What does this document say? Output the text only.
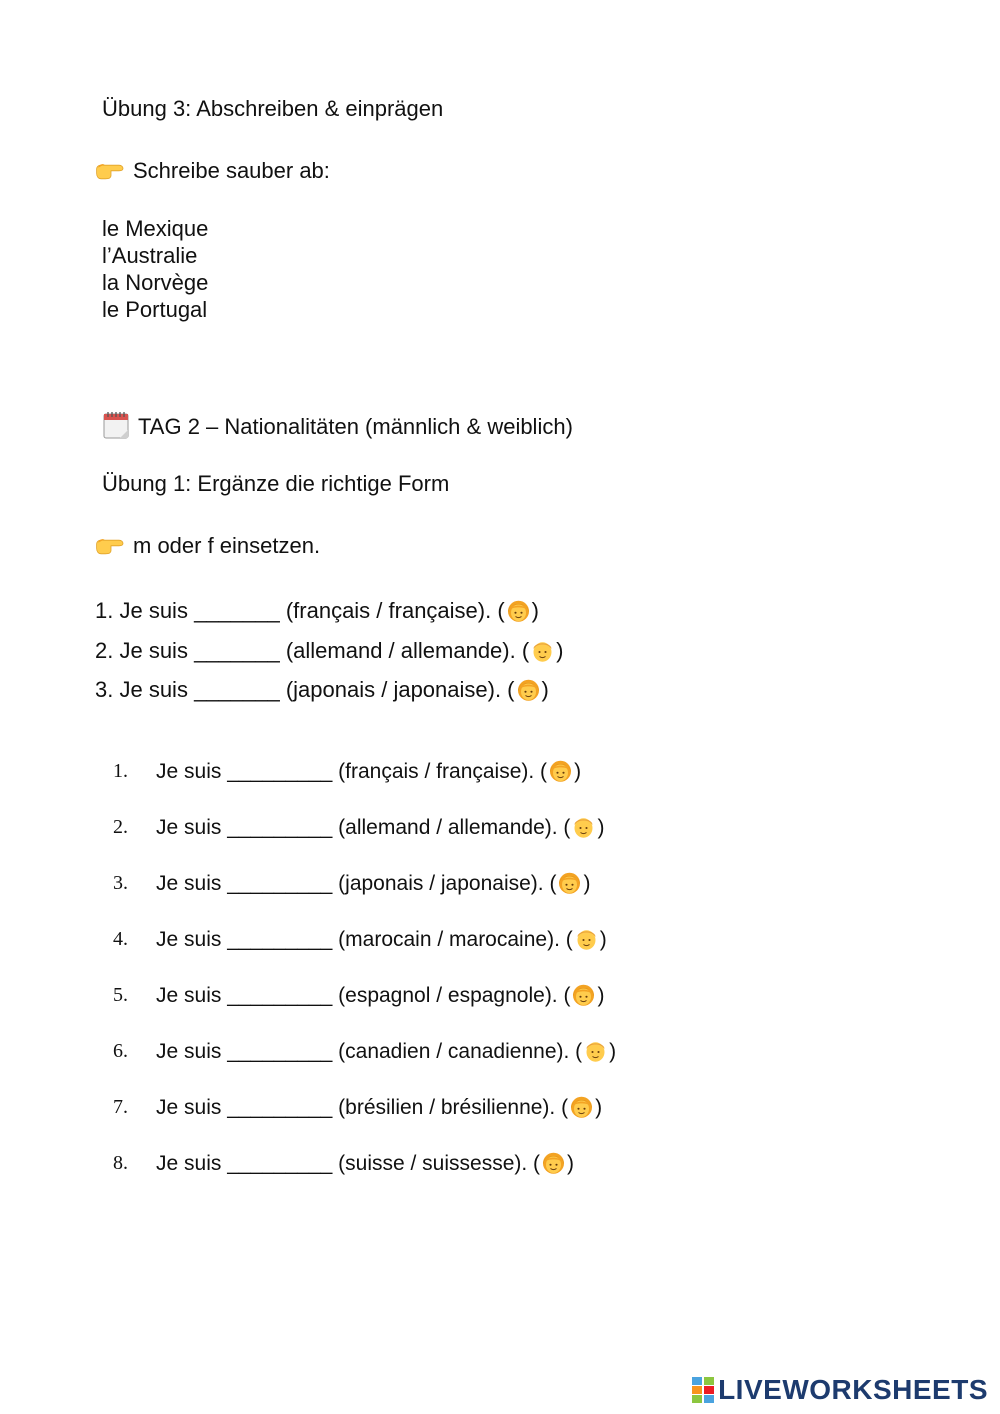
Übung 3: Abschreiben & einprägen
Schreibe sauber ab:
le Mexique
l’Australie
la Norvège
le Portugal
TAG 2 – Nationalitäten (männlich & weiblich)
Übung 1: Ergänze die richtige Form
m oder f einsetzen.
1. Je suis _______ (français / française). ( )
2. Je suis _______ (allemand / allemande). ( )
3. Je suis _______ (japonais / japonaise). ( )
1. Je suis _________ (français / française). ( )
2. Je suis _________ (allemand / allemande). ( )
3. Je suis _________ (japonais / japonaise). ( )
4. Je suis _________ (marocain / marocaine). ( )
5. Je suis _________ (espagnol / espagnole). ( )
6. Je suis _________ (canadien / canadienne). ( )
7. Je suis _________ (brésilien / brésilienne). ( )
8. Je suis _________ (suisse / suissesse). ( )
LIVEWORKSHEETS
